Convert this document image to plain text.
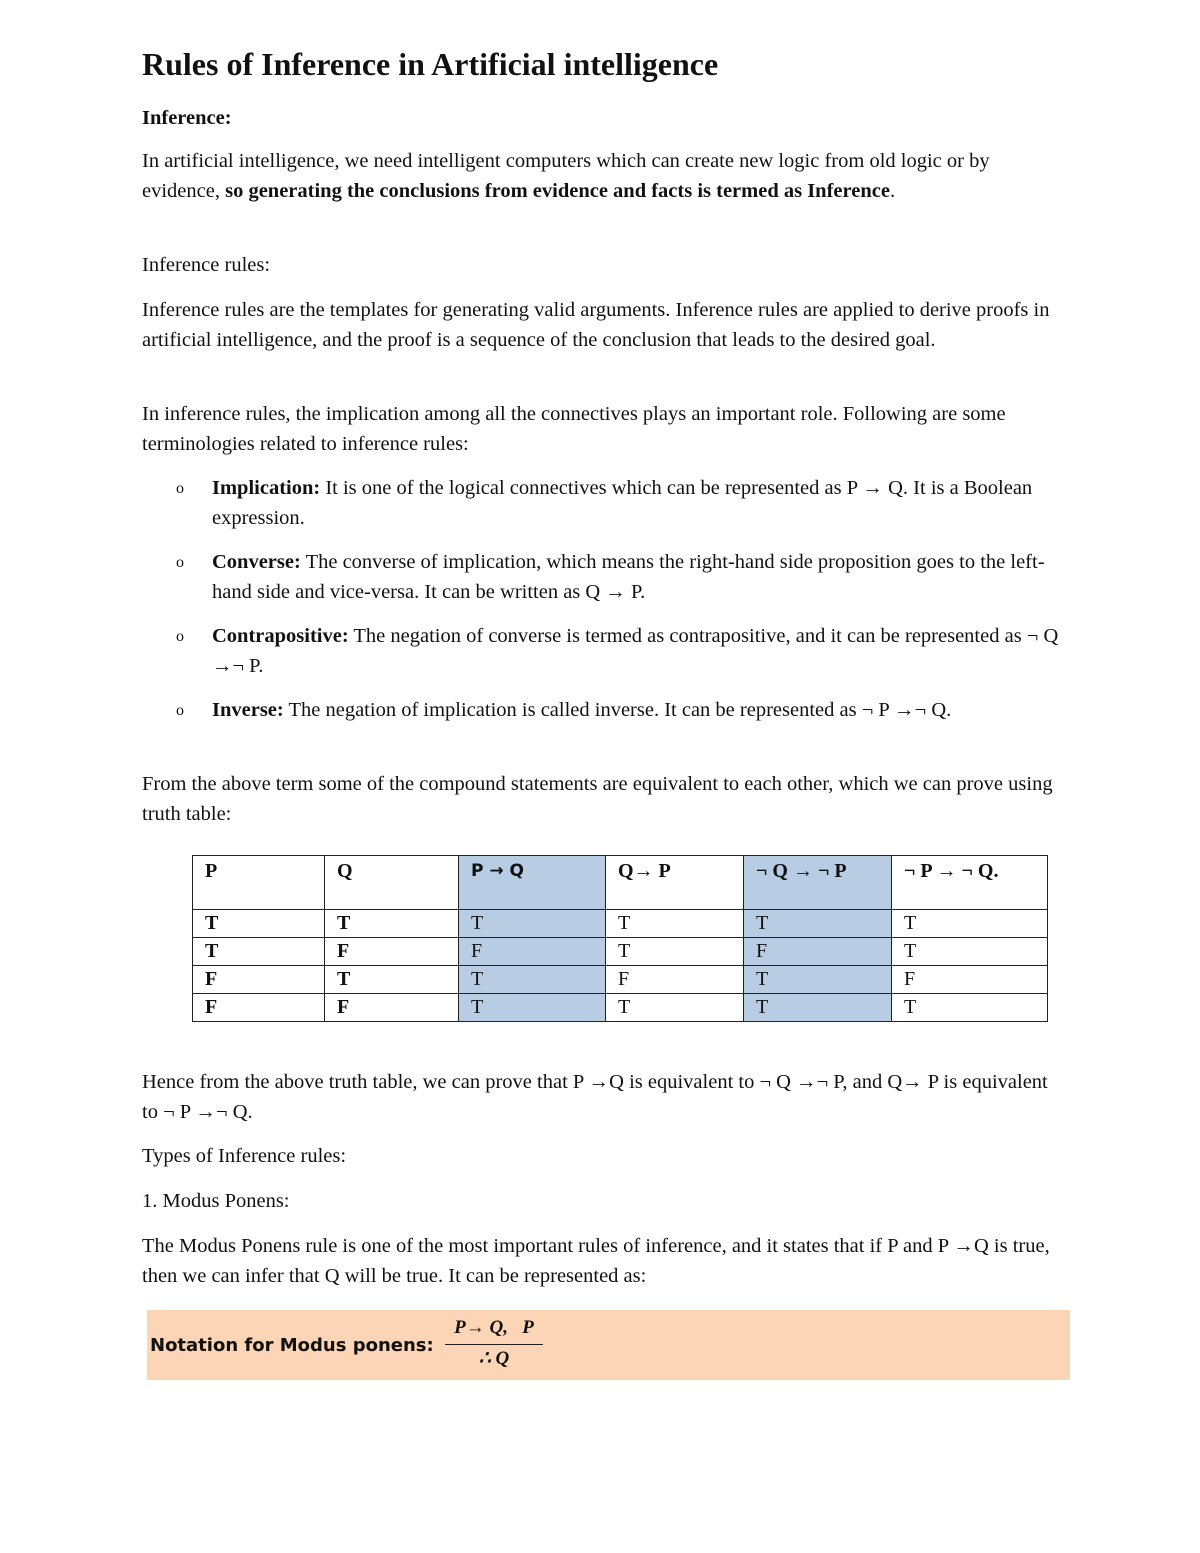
Rules of Inference in Artificial intelligence
Inference:
In artificial intelligence, we need intelligent computers which can create new logic from old logic or by evidence, so generating the conclusions from evidence and facts is termed as Inference.
Inference rules:
Inference rules are the templates for generating valid arguments. Inference rules are applied to derive proofs in artificial intelligence, and the proof is a sequence of the conclusion that leads to the desired goal.
In inference rules, the implication among all the connectives plays an important role. Following are some terminologies related to inference rules:
o Implication: It is one of the logical connectives which can be represented as P → Q. It is a Boolean expression.
o Converse: The converse of implication, which means the right-hand side proposition goes to the left-hand side and vice-versa. It can be written as Q → P.
o Contrapositive: The negation of converse is termed as contrapositive, and it can be represented as ¬ Q →¬ P.
o Inverse: The negation of implication is called inverse. It can be represented as ¬ P →¬ Q.
From the above term some of the compound statements are equivalent to each other, which we can prove using truth table:
P	Q	P → Q	Q→ P	¬ Q → ¬ P	¬ P → ¬ Q.
T	T	T	T	T	T
T	F	F	T	F	T
F	T	T	F	T	F
F	F	T	T	T	T
Hence from the above truth table, we can prove that P →Q is equivalent to ¬ Q →¬ P, and Q→ P is equivalent to ¬ P →¬ Q.
Types of Inference rules:
1. Modus Ponens:
The Modus Ponens rule is one of the most important rules of inference, and it states that if P and P →Q is true, then we can infer that Q will be true. It can be represented as:
Notation for Modus ponens: $\frac{P\to Q, P}{\therefore Q}$
